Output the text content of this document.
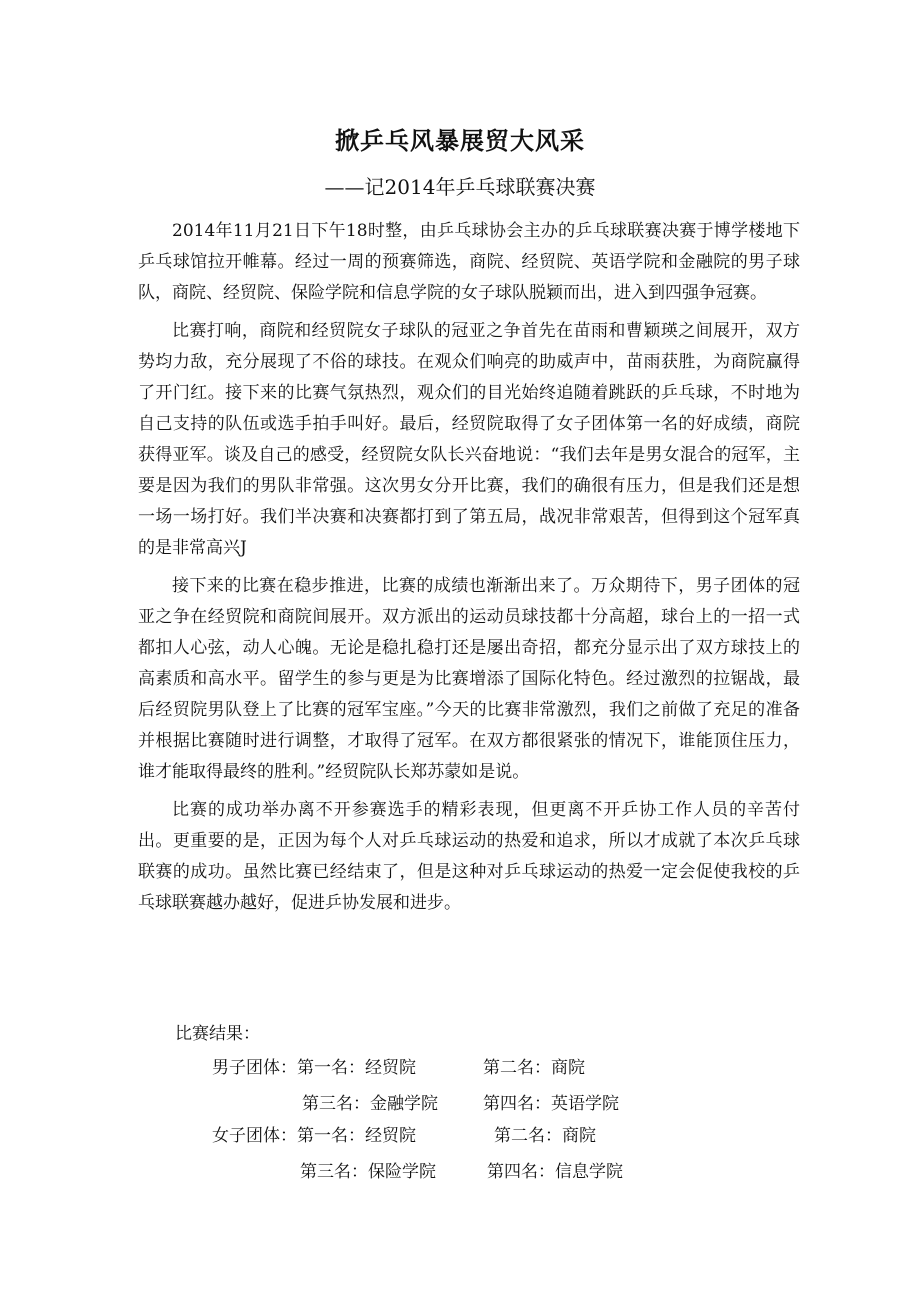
掀乒乓风暴展贸大风采
——记2014年乒乓球联赛决赛

2014年11月21日下午18时整，由乒乓球协会主办的乒乓球联赛决赛于博学楼地下乒乓球馆拉开帷幕。经过一周的预赛筛选，商院、经贸院、英语学院和金融院的男子球队，商院、经贸院、保险学院和信息学院的女子球队脱颖而出，进入到四强争冠赛。

比赛打响，商院和经贸院女子球队的冠亚之争首先在苗雨和曹颖瑛之间展开，双方势均力敌，充分展现了不俗的球技。在观众们响亮的助威声中，苗雨获胜，为商院赢得了开门红。接下来的比赛气氛热烈，观众们的目光始终追随着跳跃的乒乓球，不时地为自己支持的队伍或选手拍手叫好。最后，经贸院取得了女子团体第一名的好成绩，商院获得亚军。谈及自己的感受，经贸院女队长兴奋地说：“我们去年是男女混合的冠军，主要是因为我们的男队非常强。这次男女分开比赛，我们的确很有压力，但是我们还是想一场一场打好。我们半决赛和决赛都打到了第五局，战况非常艰苦，但得到这个冠军真的是非常高兴J

接下来的比赛在稳步推进，比赛的成绩也渐渐出来了。万众期待下，男子团体的冠亚之争在经贸院和商院间展开。双方派出的运动员球技都十分高超，球台上的一招一式都扣人心弦，动人心魄。无论是稳扎稳打还是屡出奇招，都充分显示出了双方球技上的高素质和高水平。留学生的参与更是为比赛增添了国际化特色。经过激烈的拉锯战，最后经贸院男队登上了比赛的冠军宝座。”今天的比赛非常激烈，我们之前做了充足的准备并根据比赛随时进行调整，才取得了冠军。在双方都很紧张的情况下，谁能顶住压力，谁才能取得最终的胜利。”经贸院队长郑苏蒙如是说。

比赛的成功举办离不开参赛选手的精彩表现，但更离不开乒协工作人员的辛苦付出。更重要的是，正因为每个人对乒乓球运动的热爱和追求，所以才成就了本次乒乓球联赛的成功。虽然比赛已经结束了，但是这种对乒乓球运动的热爱一定会促使我校的乒乓球联赛越办越好，促进乒协发展和进步。

比赛结果：
男子团体：第一名：经贸院	第二名：商院
第三名：金融学院	第四名：英语学院
女子团体：第一名：经贸院	第二名：商院
第三名：保险学院	第四名：信息学院
